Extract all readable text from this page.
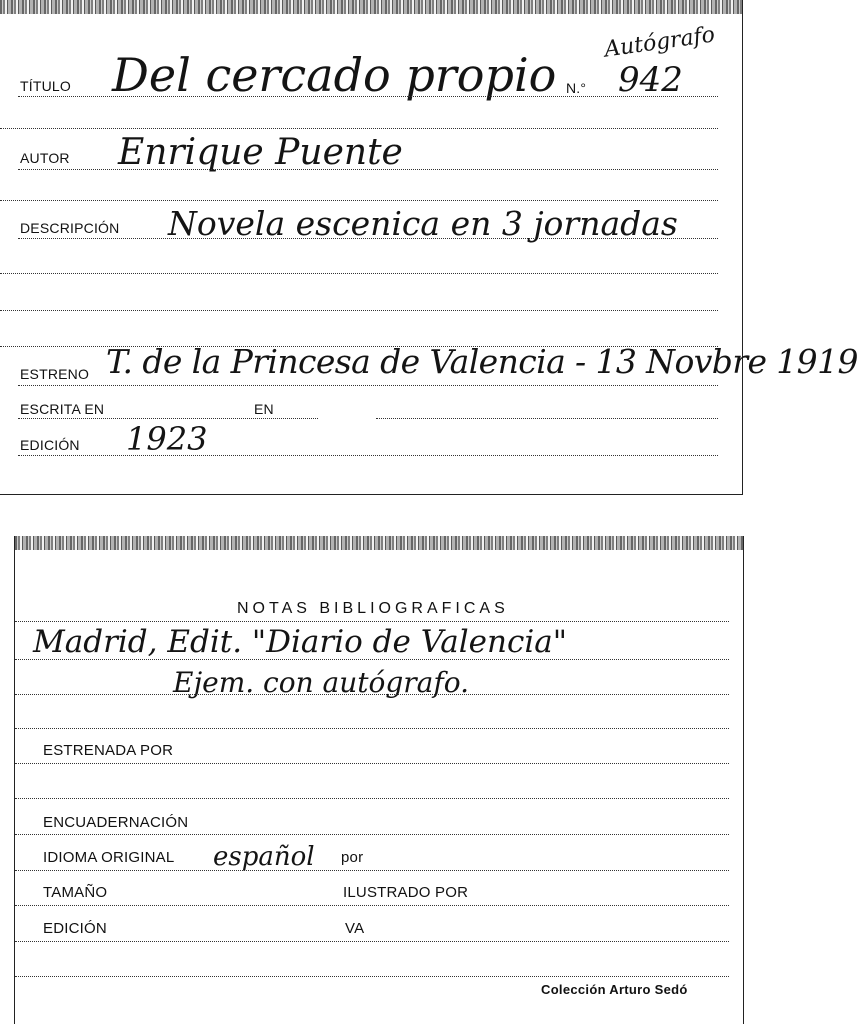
Autógrafo
TÍTULO Del cercado propio N.° 942
AUTOR Enrique Puente
DESCRIPCIÓN Novela escenica en 3 jornadas
ESTRENO T. de la Princesa de Valencia - 13 Novbre 1919
ESCRITA EN	EN
EDICIÓN 1923
NOTAS BIBLIOGRAFICAS
Madrid, Edit. "Diario de Valencia"
Ejem. con autógrafo.
ESTRENADA POR
ENCUADERNACIÓN
IDIOMA ORIGINAL español por
TAMAÑO	ILUSTRADO POR
EDICIÓN	VA
Colección Arturo Sedó
